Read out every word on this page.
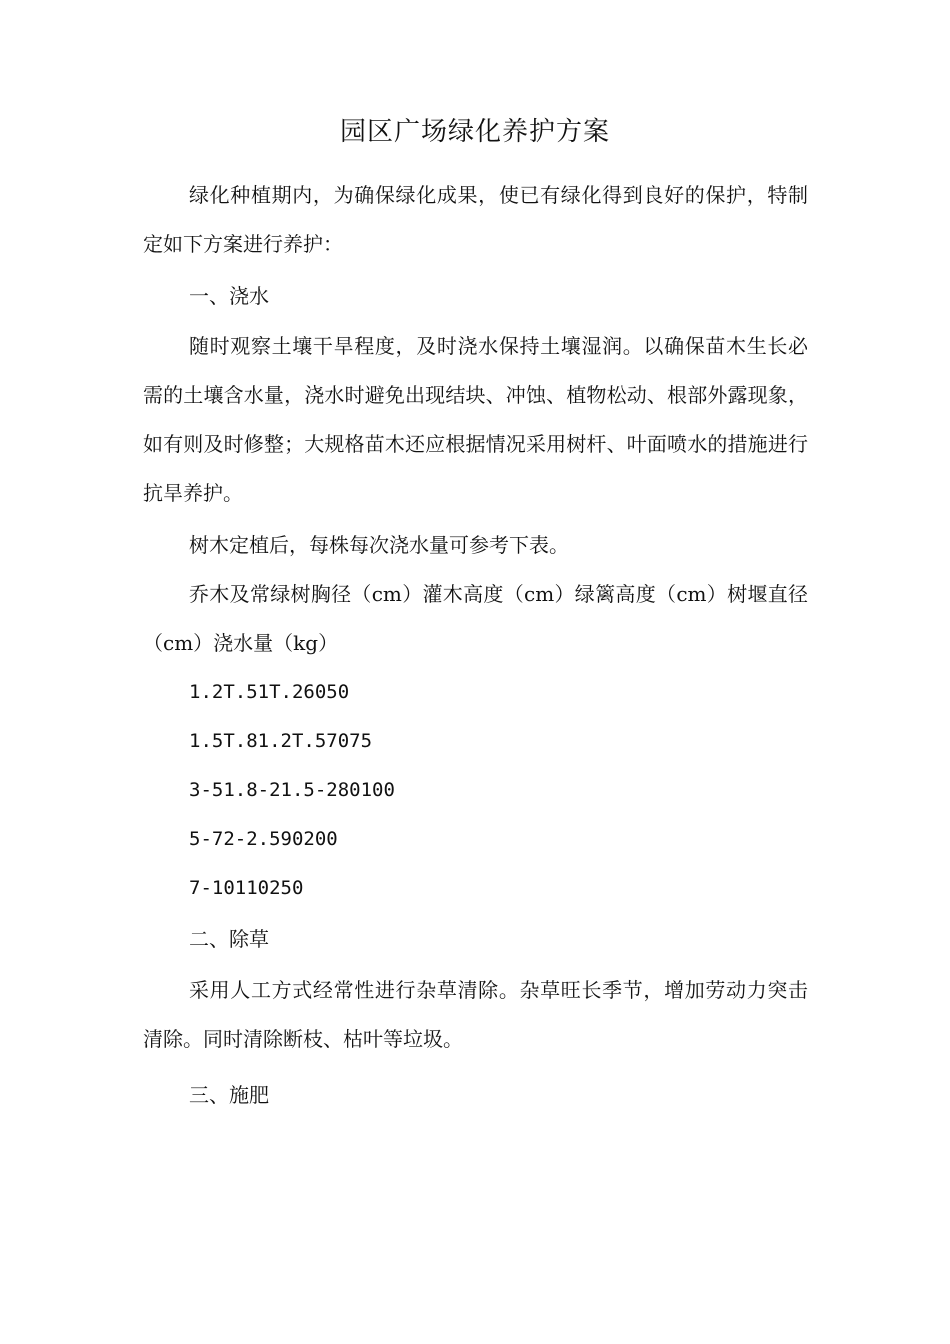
园区广场绿化养护方案

绿化种植期内，为确保绿化成果，使已有绿化得到良好的保护，特制定如下方案进行养护：

一、浇水

随时观察土壤干旱程度，及时浇水保持土壤湿润。以确保苗木生长必需的土壤含水量，浇水时避免出现结块、冲蚀、植物松动、根部外露现象，如有则及时修整；大规格苗木还应根据情况采用树杆、叶面喷水的措施进行抗旱养护。

树木定植后，每株每次浇水量可参考下表。

乔木及常绿树胸径（cm）灌木高度（cm）绿篱高度（cm）树堰直径（cm）浇水量（kg）

1.2T.51T.26050

1.5T.81.2T.57075

3-51.8-21.5-280100

5-72-2.590200

7-10110250

二、除草

采用人工方式经常性进行杂草清除。杂草旺长季节，增加劳动力突击清除。同时清除断枝、枯叶等垃圾。

三、施肥
